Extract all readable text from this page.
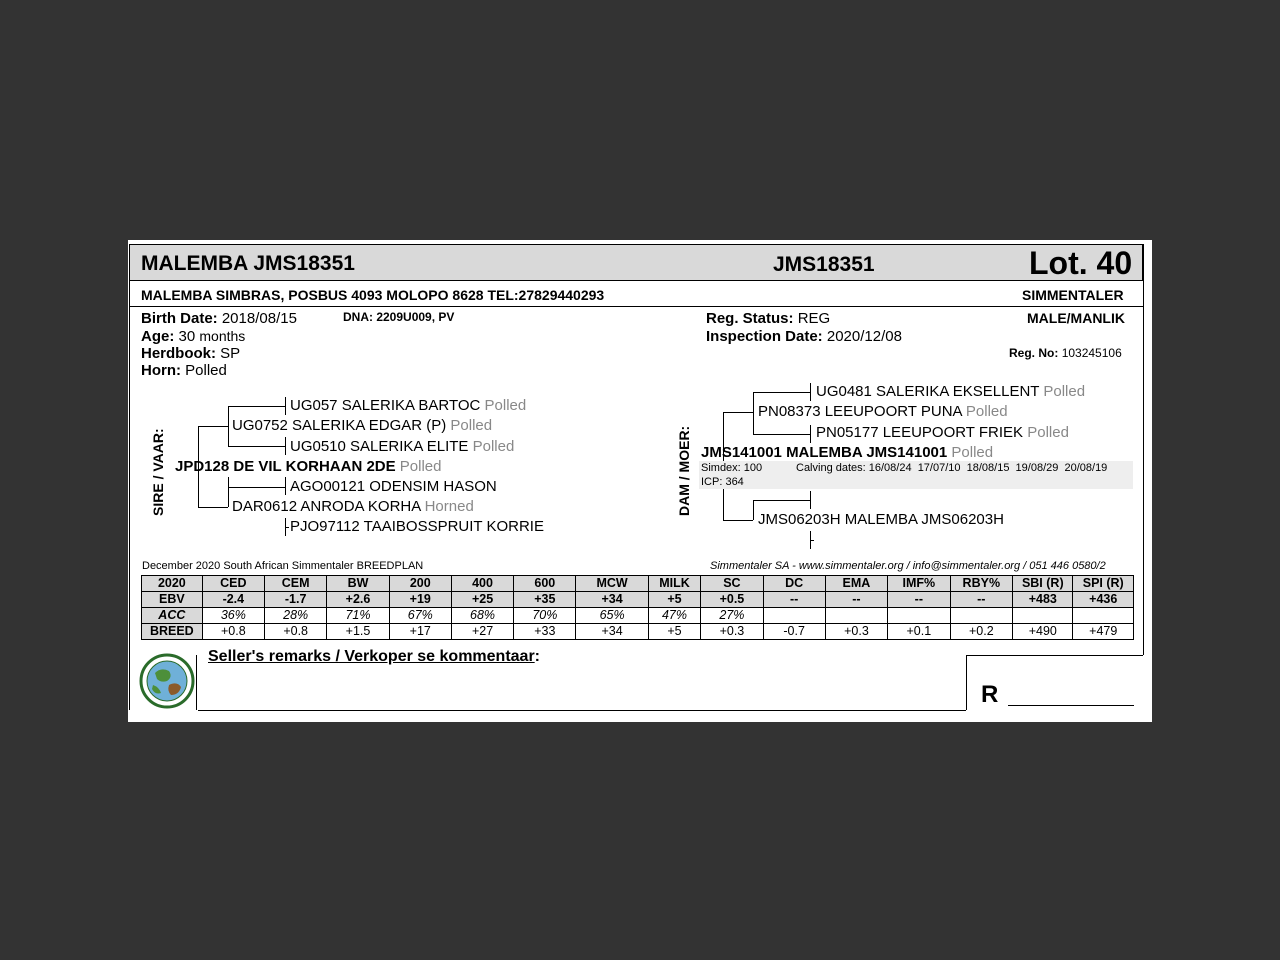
MALEMBA JMS18351	JMS18351	Lot. 40
MALEMBA SIMBRAS, POSBUS 4093 MOLOPO 8628 TEL:27829440293	SIMMENTALER
Birth Date: 2018/08/15	DNA: 2209U009, PV
Age: 30 months
Herdbook: SP
Horn: Polled
Reg. Status: REG
Inspection Date: 2020/12/08
MALE/MANLIK
Reg. No: 103245106
SIRE / VAAR:
UG057 SALERIKA BARTOC Polled
UG0752 SALERIKA EDGAR (P) Polled
UG0510 SALERIKA ELITE Polled
JPD128 DE VIL KORHAAN 2DE Polled
AGO00121 ODENSIM HASON
DAR0612 ANRODA KORHA Horned
PJO97112 TAAIBOSSPRUIT KORRIE
DAM / MOER:
UG0481 SALERIKA EKSELLENT Polled
PN08373 LEEUPOORT PUNA Polled
PN05177 LEEUPOORT FRIEK Polled
JMS141001 MALEMBA JMS141001 Polled
Simdex: 100	Calving dates: 16/08/24  17/07/10  18/08/15  19/08/29  20/08/19
ICP: 364
JMS06203H MALEMBA JMS06203H
December 2020 South African Simmentaler BREEDPLAN	Simmentaler SA - www.simmentaler.org / info@simmentaler.org / 051 446 0580/2
2020	CED	CEM	BW	200	400	600	MCW	MILK	SC	DC	EMA	IMF%	RBY%	SBI (R)	SPI (R)
EBV	-2.4	-1.7	+2.6	+19	+25	+35	+34	+5	+0.5	--	--	--	--	+483	+436
ACC	36%	28%	71%	67%	68%	70%	65%	47%	27%						
BREED	+0.8	+0.8	+1.5	+17	+27	+33	+34	+5	+0.3	-0.7	+0.3	+0.1	+0.2	+490	+479
Seller's remarks / Verkoper se kommentaar:
R
